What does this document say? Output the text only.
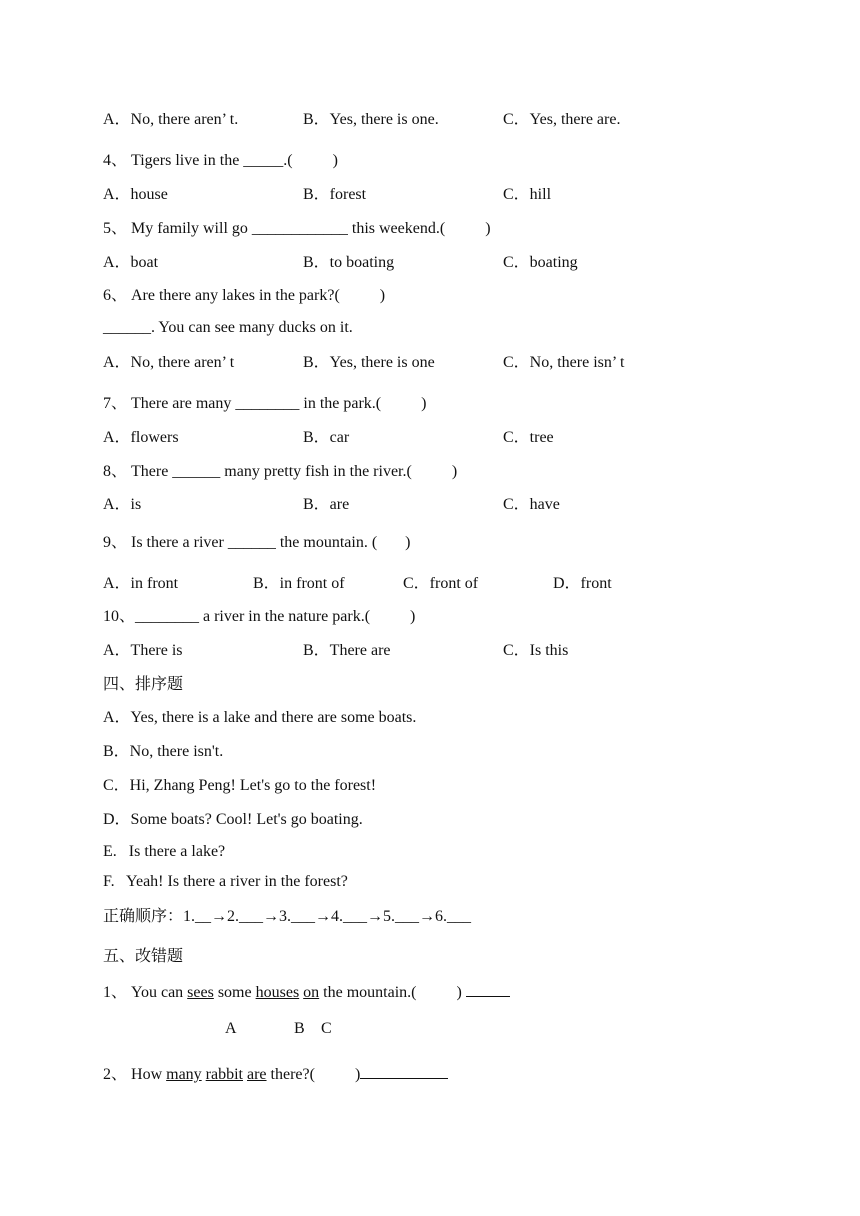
A．No, there aren’ t.	B．Yes, there is one.	C．Yes, there are.
4、 Tigers live in the _____.(          )
A．house	B．forest	C．hill
5、 My family will go ____________ this weekend.(          )
A．boat	B．to boating	C．boating
6、 Are there any lakes in the park?(          )
______. You can see many ducks on it.
A．No, there aren’ t	B．Yes, there is one	C．No, there isn’ t
7、 There are many ________ in the park.(          )
A．flowers	B．car	C．tree
8、 There ______ many pretty fish in the river.(          )
A．is	B．are	C．have
9、 Is there a river ______ the mountain. (       )
A．in front	B．in front of	C．front of	D．front
10、________ a river in the nature park.(          )
A．There is	B．There are	C．Is this
四、排序题
A．Yes, there is a lake and there are some boats.
B．No, there isn't.
C．Hi, Zhang Peng! Let's go to the forest!
D．Some boats? Cool! Let's go boating.
E.   Is there a lake?
F.   Yeah! Is there a river in the forest?
正确顺序：1.__→2.___→3.___→4.___→5.___→6.___
五、改错题
1、 You can sees some houses on the mountain.(          )
A	B C
2、 How many rabbit are there?(          )
